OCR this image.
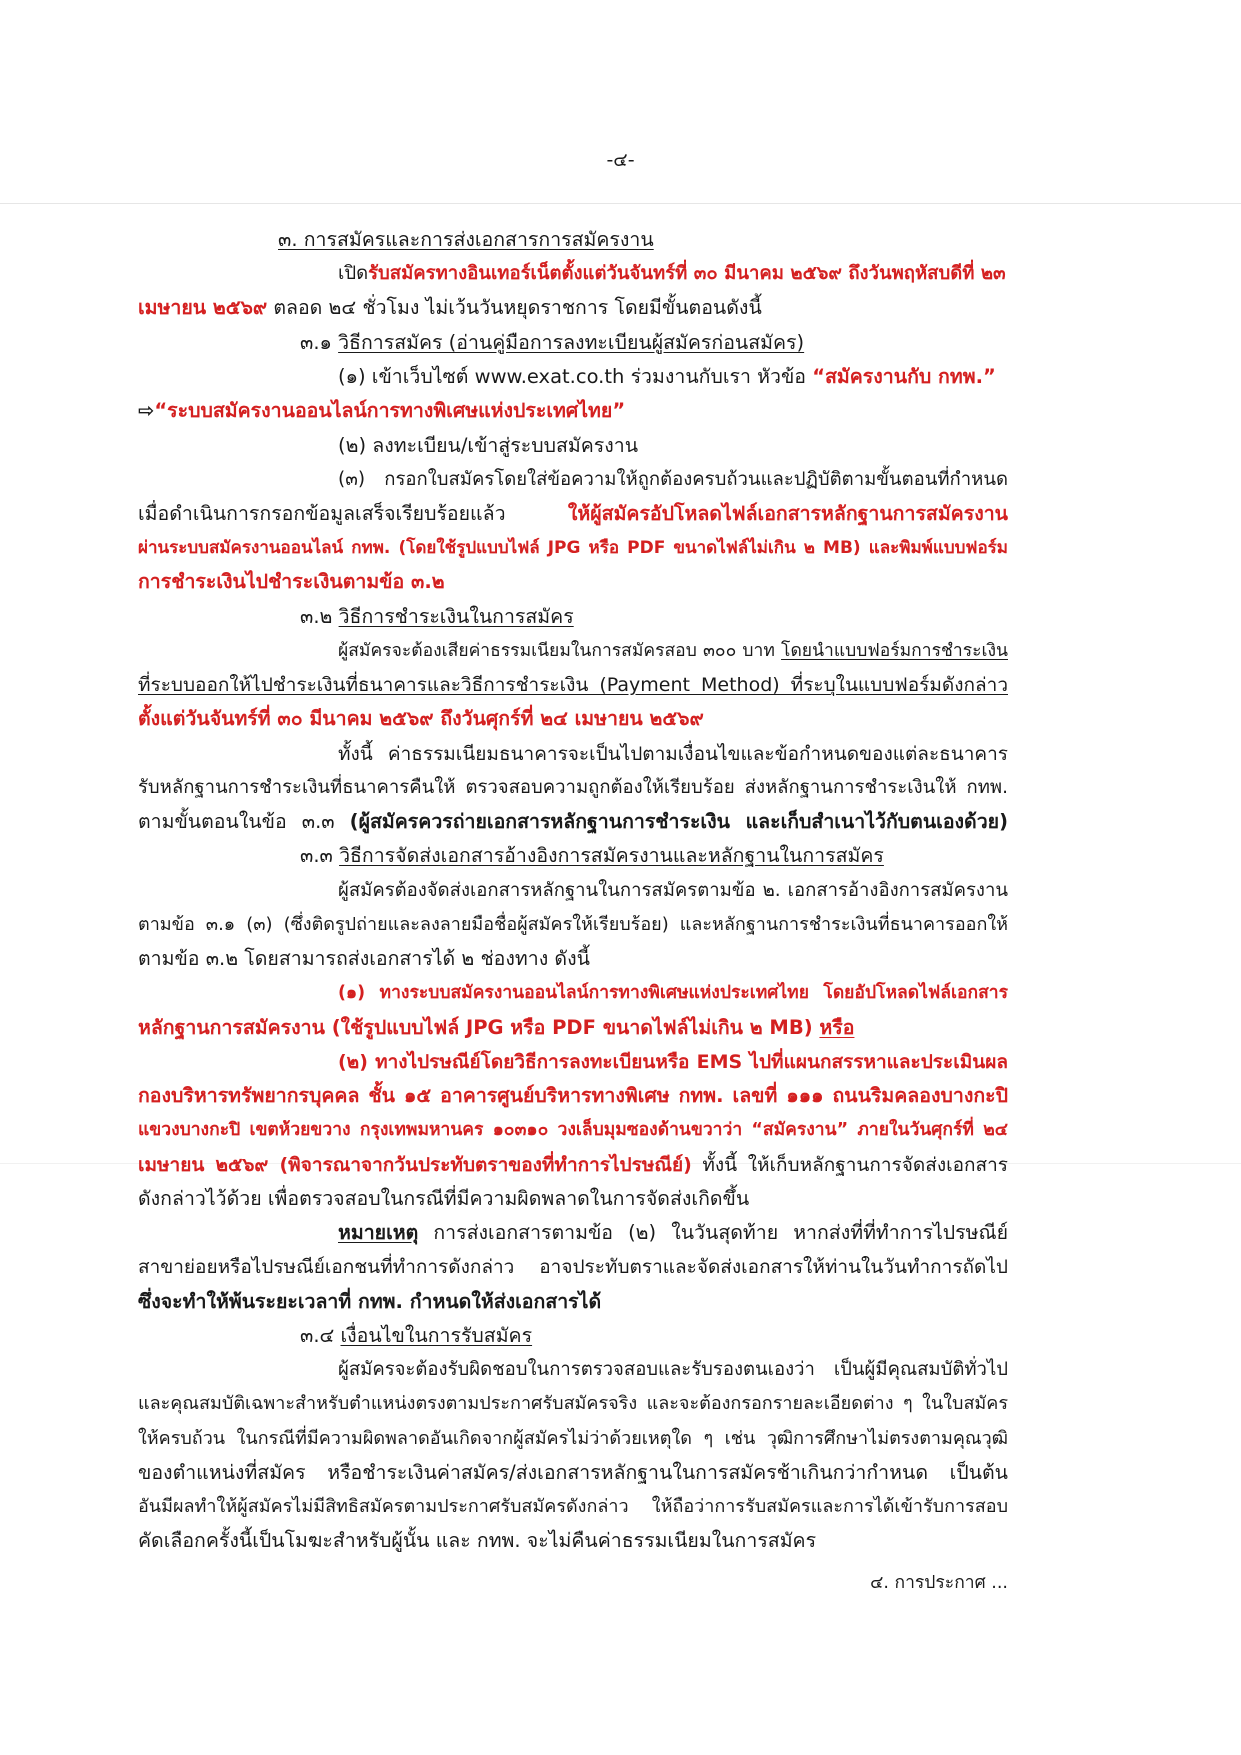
-๔-
๓. การสมัครและการส่งเอกสารการสมัครงาน
เปิดรับสมัครทางอินเทอร์เน็ตตั้งแต่วันจันทร์ที่ ๓๐ มีนาคม ๒๕๖๙ ถึงวันพฤหัสบดีที่ ๒๓
เมษายน ๒๕๖๙ ตลอด ๒๔ ชั่วโมง ไม่เว้นวันหยุดราชการ โดยมีขั้นตอนดังนี้
๓.๑ วิธีการสมัคร (อ่านคู่มือการลงทะเบียนผู้สมัครก่อนสมัคร)
(๑) เข้าเว็บไซต์ www.exat.co.th ร่วมงานกับเรา หัวข้อ “สมัครงานกับ กทพ.”
⇨“ระบบสมัครงานออนไลน์การทางพิเศษแห่งประเทศไทย”
(๒) ลงทะเบียน/เข้าสู่ระบบสมัครงาน
(๓) กรอกใบสมัครโดยใส่ข้อความให้ถูกต้องครบถ้วนและปฏิบัติตามขั้นตอนที่กำหนด
เมื่อดำเนินการกรอกข้อมูลเสร็จเรียบร้อยแล้ว ให้ผู้สมัครอัปโหลดไฟล์เอกสารหลักฐานการสมัครงาน
ผ่านระบบสมัครงานออนไลน์ กทพ. (โดยใช้รูปแบบไฟล์ JPG หรือ PDF ขนาดไฟล์ไม่เกิน ๒ MB) และพิมพ์แบบฟอร์ม
การชำระเงินไปชำระเงินตามข้อ ๓.๒
๓.๒ วิธีการชำระเงินในการสมัคร
ผู้สมัครจะต้องเสียค่าธรรมเนียมในการสมัครสอบ ๓๐๐ บาท โดยนำแบบฟอร์มการชำระเงิน
ที่ระบบออกให้ไปชำระเงินที่ธนาคารและวิธีการชำระเงิน (Payment Method) ที่ระบุในแบบฟอร์มดังกล่าว
ตั้งแต่วันจันทร์ที่ ๓๐ มีนาคม ๒๕๖๙ ถึงวันศุกร์ที่ ๒๔ เมษายน ๒๕๖๙
ทั้งนี้ ค่าธรรมเนียมธนาคารจะเป็นไปตามเงื่อนไขและข้อกำหนดของแต่ละธนาคาร
รับหลักฐานการชำระเงินที่ธนาคารคืนให้ ตรวจสอบความถูกต้องให้เรียบร้อย ส่งหลักฐานการชำระเงินให้ กทพ.
ตามขั้นตอนในข้อ ๓.๓ (ผู้สมัครควรถ่ายเอกสารหลักฐานการชำระเงิน และเก็บสำเนาไว้กับตนเองด้วย)
๓.๓ วิธีการจัดส่งเอกสารอ้างอิงการสมัครงานและหลักฐานในการสมัคร
ผู้สมัครต้องจัดส่งเอกสารหลักฐานในการสมัครตามข้อ ๒. เอกสารอ้างอิงการสมัครงาน
ตามข้อ ๓.๑ (๓) (ซึ่งติดรูปถ่ายและลงลายมือชื่อผู้สมัครให้เรียบร้อย) และหลักฐานการชำระเงินที่ธนาคารออกให้
ตามข้อ ๓.๒ โดยสามารถส่งเอกสารได้ ๒ ช่องทาง ดังนี้
(๑) ทางระบบสมัครงานออนไลน์การทางพิเศษแห่งประเทศไทย โดยอัปโหลดไฟล์เอกสาร
หลักฐานการสมัครงาน (ใช้รูปแบบไฟล์ JPG หรือ PDF ขนาดไฟล์ไม่เกิน ๒ MB) หรือ
(๒) ทางไปรษณีย์โดยวิธีการลงทะเบียนหรือ EMS ไปที่แผนกสรรหาและประเมินผล
กองบริหารทรัพยากรบุคคล ชั้น ๑๕ อาคารศูนย์บริหารทางพิเศษ กทพ. เลขที่ ๑๑๑ ถนนริมคลองบางกะปิ
แขวงบางกะปิ เขตห้วยขวาง กรุงเทพมหานคร ๑๐๓๑๐ วงเล็บมุมซองด้านขวาว่า “สมัครงาน” ภายในวันศุกร์ที่ ๒๔
เมษายน ๒๕๖๙ (พิจารณาจากวันประทับตราของที่ทำการไปรษณีย์) ทั้งนี้ ให้เก็บหลักฐานการจัดส่งเอกสาร
ดังกล่าวไว้ด้วย เพื่อตรวจสอบในกรณีที่มีความผิดพลาดในการจัดส่งเกิดขึ้น
หมายเหตุ การส่งเอกสารตามข้อ (๒) ในวันสุดท้าย หากส่งที่ที่ทำการไปรษณีย์
สาขาย่อยหรือไปรษณีย์เอกชนที่ทำการดังกล่าว อาจประทับตราและจัดส่งเอกสารให้ท่านในวันทำการถัดไป
ซึ่งจะทำให้พ้นระยะเวลาที่ กทพ. กำหนดให้ส่งเอกสารได้
๓.๔ เงื่อนไขในการรับสมัคร
ผู้สมัครจะต้องรับผิดชอบในการตรวจสอบและรับรองตนเองว่า เป็นผู้มีคุณสมบัติทั่วไป
และคุณสมบัติเฉพาะสำหรับตำแหน่งตรงตามประกาศรับสมัครจริง และจะต้องกรอกรายละเอียดต่าง ๆ ในใบสมัคร
ให้ครบถ้วน ในกรณีที่มีความผิดพลาดอันเกิดจากผู้สมัครไม่ว่าด้วยเหตุใด ๆ เช่น วุฒิการศึกษาไม่ตรงตามคุณวุฒิ
ของตำแหน่งที่สมัคร หรือชำระเงินค่าสมัคร/ส่งเอกสารหลักฐานในการสมัครช้าเกินกว่ากำหนด เป็นต้น
อันมีผลทำให้ผู้สมัครไม่มีสิทธิสมัครตามประกาศรับสมัครดังกล่าว ให้ถือว่าการรับสมัครและการได้เข้ารับการสอบ
คัดเลือกครั้งนี้เป็นโมฆะสำหรับผู้นั้น และ กทพ. จะไม่คืนค่าธรรมเนียมในการสมัคร
๔. การประกาศ ...
